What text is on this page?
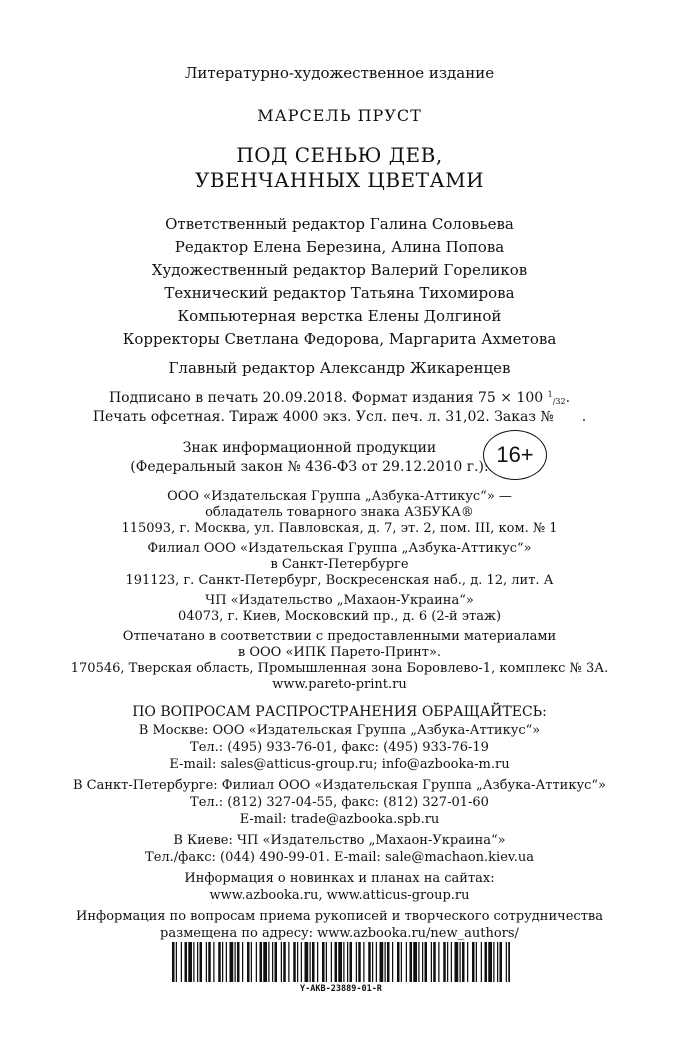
Литературно-художественное издание
МАРСЕЛЬ ПРУСТ
ПОД СЕНЬЮ ДЕВ,
УВЕНЧАННЫХ ЦВЕТАМИ
Ответственный редактор Галина Соловьева
Редактор Елена Березина, Алина Попова
Художественный редактор Валерий Гореликов
Технический редактор Татьяна Тихомирова
Компьютерная верстка Елены Долгиной
Корректоры Светлана Федорова, Маргарита Ахметова
Главный редактор Александр Жикаренцев
Подписано в печать 20.09.2018. Формат издания 75 × 100 $^1_{/32}$.
Печать офсетная. Тираж 4000 экз. Усл. печ. л. 31,02. Заказ № .
Знак информационной продукции
(Федеральный закон № 436-ФЗ от 29.12.2010 г.): 16+
ООО «Издательская Группа „Азбука-Аттикус“» —
обладатель товарного знака АЗБУКА®
115093, г. Москва, ул. Павловская, д. 7, эт. 2, пом. III, ком. № 1
Филиал ООО «Издательская Группа „Азбука-Аттикус“»
в Санкт-Петербурге
191123, г. Санкт-Петербург, Воскресенская наб., д. 12, лит. А
ЧП «Издательство „Махаон-Украина“»
04073, г. Киев, Московский пр., д. 6 (2-й этаж)
Отпечатано в соответствии с предоставленными материалами
в ООО «ИПК Парето-Принт».
170546, Тверская область, Промышленная зона Боровлево-1, комплекс № 3А.
www.pareto-print.ru
ПО ВОПРОСАМ РАСПРОСТРАНЕНИЯ ОБРАЩАЙТЕСЬ:
В Москве: ООО «Издательская Группа „Азбука-Аттикус“»
Тел.: (495) 933-76-01, факс: (495) 933-76-19
E-mail: sales@atticus-group.ru; info@azbooka-m.ru
В Санкт-Петербурге: Филиал ООО «Издательская Группа „Азбука-Аттикус“»
Тел.: (812) 327-04-55, факс: (812) 327-01-60
E-mail: trade@azbooka.spb.ru
В Киеве: ЧП «Издательство „Махаон-Украина“»
Тел./факс: (044) 490-99-01. E-mail: sale@machaon.kiev.ua
Информация о новинках и планах на сайтах:
www.azbooka.ru, www.atticus-group.ru
Информация по вопросам приема рукописей и творческого сотрудничества
размещена по адресу: www.azbooka.ru/new_authors/
Y-AKB-23889-01-R
